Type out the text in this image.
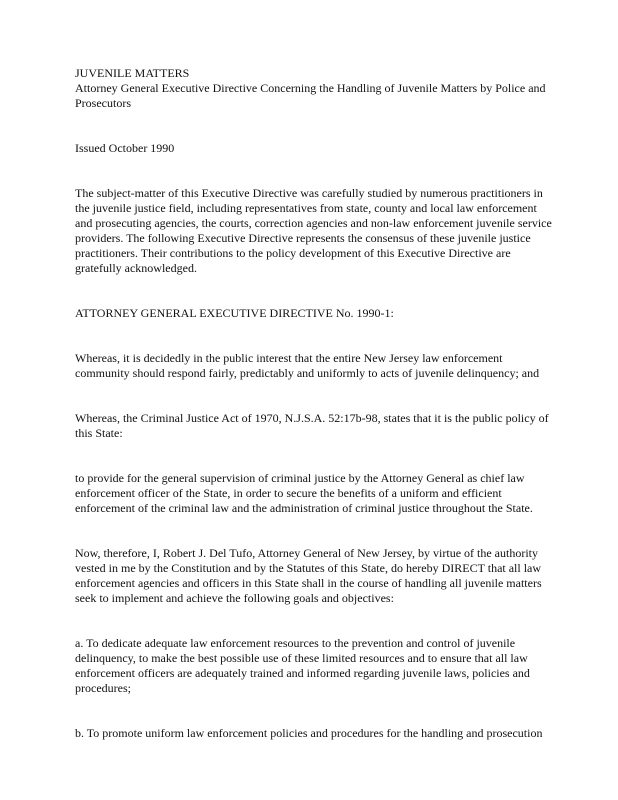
JUVENILE MATTERS

Attorney General Executive Directive Concerning the Handling of Juvenile Matters by Police and Prosecutors

Issued October 1990

The subject-matter of this Executive Directive was carefully studied by numerous practitioners in the juvenile justice field, including representatives from state, county and local law enforcement and prosecuting agencies, the courts, correction agencies and non-law enforcement juvenile service providers. The following Executive Directive represents the consensus of these juvenile justice practitioners. Their contributions to the policy development of this Executive Directive are gratefully acknowledged.

ATTORNEY GENERAL EXECUTIVE DIRECTIVE No. 1990-1:

Whereas, it is decidedly in the public interest that the entire New Jersey law enforcement community should respond fairly, predictably and uniformly to acts of juvenile delinquency; and

Whereas, the Criminal Justice Act of 1970, N.J.S.A. 52:17b-98, states that it is the public policy of this State:

to provide for the general supervision of criminal justice by the Attorney General as chief law enforcement officer of the State, in order to secure the benefits of a uniform and efficient enforcement of the criminal law and the administration of criminal justice throughout the State.

Now, therefore, I, Robert J. Del Tufo, Attorney General of New Jersey, by virtue of the authority vested in me by the Constitution and by the Statutes of this State, do hereby DIRECT that all law enforcement agencies and officers in this State shall in the course of handling all juvenile matters seek to implement and achieve the following goals and objectives:

a. To dedicate adequate law enforcement resources to the prevention and control of juvenile delinquency, to make the best possible use of these limited resources and to ensure that all law enforcement officers are adequately trained and informed regarding juvenile laws, policies and procedures;

b. To promote uniform law enforcement policies and procedures for the handling and prosecution
